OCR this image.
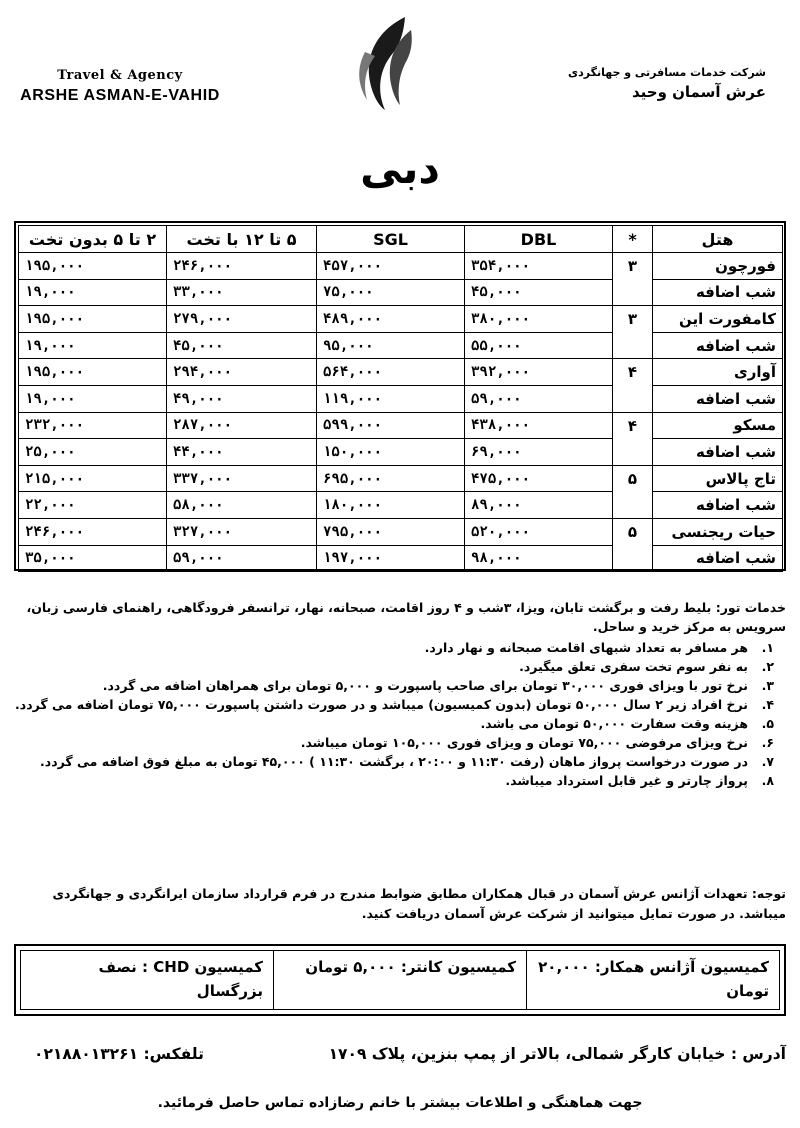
Travel & Agency
ARSHE ASMAN-E-VAHID
شرکت خدمات مسافرتی و جهانگردی
عرش آسمان وحید
دبی
هتل	*	DBL	SGL	۵ تا ۱۲ با تخت	۲ تا ۵ بدون تخت
فورچون	۳	۳۵۴,۰۰۰	۴۵۷,۰۰۰	۲۴۶,۰۰۰	۱۹۵,۰۰۰
شب اضافه		۴۵,۰۰۰	۷۵,۰۰۰	۳۳,۰۰۰	۱۹,۰۰۰
کامفورت این	۳	۳۸۰,۰۰۰	۴۸۹,۰۰۰	۲۷۹,۰۰۰	۱۹۵,۰۰۰
شب اضافه		۵۵,۰۰۰	۹۵,۰۰۰	۴۵,۰۰۰	۱۹,۰۰۰
آواری	۴	۳۹۲,۰۰۰	۵۶۴,۰۰۰	۲۹۴,۰۰۰	۱۹۵,۰۰۰
شب اضافه		۵۹,۰۰۰	۱۱۹,۰۰۰	۴۹,۰۰۰	۱۹,۰۰۰
مسکو	۴	۴۳۸,۰۰۰	۵۹۹,۰۰۰	۲۸۷,۰۰۰	۲۳۲,۰۰۰
شب اضافه		۶۹,۰۰۰	۱۵۰,۰۰۰	۴۴,۰۰۰	۲۵,۰۰۰
تاج پالاس	۵	۴۷۵,۰۰۰	۶۹۵,۰۰۰	۳۳۷,۰۰۰	۲۱۵,۰۰۰
شب اضافه		۸۹,۰۰۰	۱۸۰,۰۰۰	۵۸,۰۰۰	۲۲,۰۰۰
حیات ریجنسی	۵	۵۲۰,۰۰۰	۷۹۵,۰۰۰	۳۲۷,۰۰۰	۲۴۶,۰۰۰
شب اضافه		۹۸,۰۰۰	۱۹۷,۰۰۰	۵۹,۰۰۰	۳۵,۰۰۰
خدمات تور: بلیط رفت و برگشت تابان، ویزا، ۳شب و ۴ روز اقامت، صبحانه، نهار، ترانسفر فرودگاهی، راهنمای فارسی زبان، سرویس به مرکز خرید و ساحل.
۱.
هر مسافر به تعداد شبهای اقامت صبحانه و نهار دارد.
۲.
به نفر سوم تخت سفری تعلق میگیرد.
۳.
نرخ تور با ویزای فوری ۳۰,۰۰۰ تومان برای صاحب پاسپورت و ۵,۰۰۰ تومان برای همراهان اضافه می گردد.
۴.
نرخ افراد زیر ۲ سال ۵۰,۰۰۰ تومان (بدون کمیسیون) میباشد و در صورت داشتن پاسپورت ۷۵,۰۰۰ تومان اضافه می گردد.
۵.
هزینه وقت سفارت ۵۰,۰۰۰ تومان می باشد.
۶.
نرخ ویزای مرفوضی ۷۵,۰۰۰ تومان و ویزای فوری ۱۰۵,۰۰۰ تومان میباشد.
۷.
در صورت درخواست پرواز ماهان (رفت ۱۱:۳۰ و ۲۰:۰۰ ، برگشت ۱۱:۳۰ ) ۴۵,۰۰۰ تومان به مبلغ فوق اضافه می گردد.
۸.
پرواز چارتر و غیر قابل استرداد میباشد.
توجه: تعهدات آژانس عرش آسمان در قبال همکاران مطابق ضوابط مندرج در فرم قرارداد سازمان ایرانگردی و جهانگردی میباشد. در صورت تمایل میتوانید از شرکت عرش آسمان دریافت کنید.
کمیسیون آژانس همکار: ۲۰,۰۰۰ تومان
کمیسیون کانتر: ۵,۰۰۰ تومان
کمیسیون CHD : نصف بزرگسال
آدرس : خیابان کارگر شمالی، بالاتر از پمپ بنزین، پلاک ۱۷۰۹
تلفکس: ۰۲۱۸۸۰۱۳۲۶۱
جهت هماهنگی و اطلاعات بیشتر با خانم رضازاده تماس حاصل فرمائید.
